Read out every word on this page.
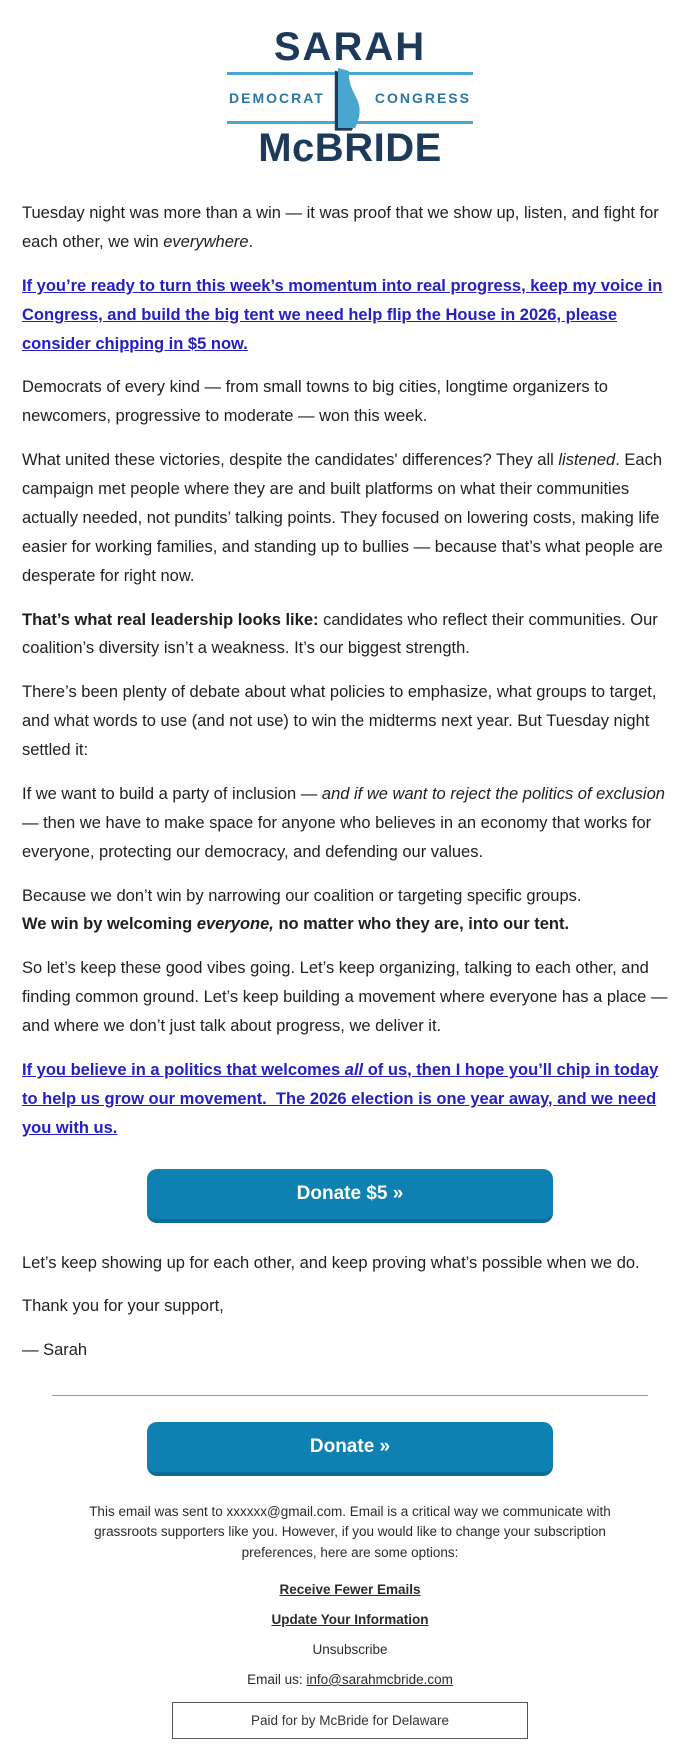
SARAH
DEMOCRAT	CONGRESS
McBRIDE

Tuesday night was more than a win — it was proof that we show up, listen, and fight for each other, we win everywhere.

If you’re ready to turn this week’s momentum into real progress, keep my voice in Congress, and build the big tent we need help flip the House in 2026, please consider chipping in $5 now.

Democrats of every kind — from small towns to big cities, longtime organizers to newcomers, progressive to moderate — won this week.

What united these victories, despite the candidates' differences? They all listened. Each campaign met people where they are and built platforms on what their communities actually needed, not pundits’ talking points. They focused on lowering costs, making life easier for working families, and standing up to bullies — because that’s what people are desperate for right now.

That’s what real leadership looks like: candidates who reflect their communities. Our coalition’s diversity isn’t a weakness. It’s our biggest strength.

There’s been plenty of debate about what policies to emphasize, what groups to target, and what words to use (and not use) to win the midterms next year. But Tuesday night settled it:

If we want to build a party of inclusion — and if we want to reject the politics of exclusion — then we have to make space for anyone who believes in an economy that works for everyone, protecting our democracy, and defending our values.

Because we don’t win by narrowing our coalition or targeting specific groups.
We win by welcoming everyone, no matter who they are, into our tent.

So let’s keep these good vibes going. Let’s keep organizing, talking to each other, and finding common ground. Let’s keep building a movement where everyone has a place — and where we don’t just talk about progress, we deliver it.

If you believe in a politics that welcomes all of us, then I hope you’ll chip in today to help us grow our movement.  The 2026 election is one year away, and we need you with us.

Donate $5 »

Let’s keep showing up for each other, and keep proving what’s possible when we do.

Thank you for your support,

— Sarah

Donate »

This email was sent to xxxxxx@gmail.com. Email is a critical way we communicate with grassroots supporters like you. However, if you would like to change your subscription preferences, here are some options:

Receive Fewer Emails
Update Your Information
Unsubscribe

Email us: info@sarahmcbride.com

Paid for by McBride for Delaware
